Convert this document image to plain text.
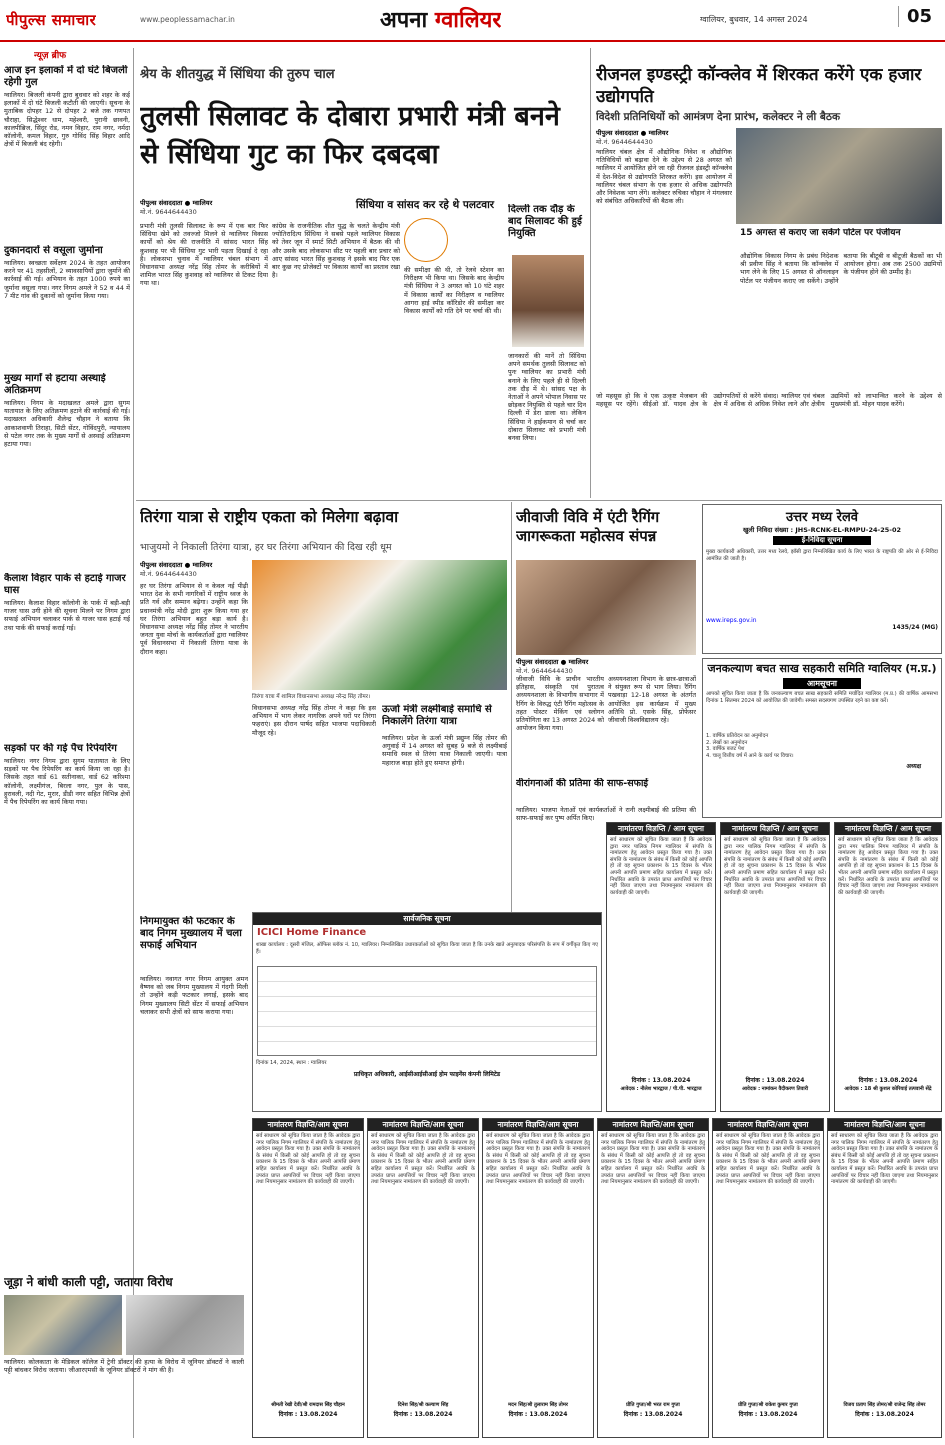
पीपुल्स समाचार	www.peoplessamachar.in	अपना ग्वालियर	ग्वालियर, बुधवार, 14 अगस्त 2024	05
न्यूज़ ब्रीफ
आज इन इलाकों में दो घंटे बिजली रहेगी गुल
ग्वालियर। बिजली कंपनी द्वारा बुधवार को शहर के कई इलाकों में दो घंटे बिजली कटौती की जाएगी। सूचना के मुताबिक दोपहर 12 से दोपहर 2 बजे तक गणपत चौराहा, सिद्धेश्वर धाम, महेश्वरी, पुरानी छावनी, कालपीब्रिज, सिंदूर रोड, नमन विहार, राम नगर, नर्मदा कॉलोनी, कमल विहार, गुरु गोविंद सिंह विहार आदि क्षेत्रों में बिजली बंद रहेगी।
दुकानदारों से वसूला जुर्माना
ग्वालियर। स्वच्छता सर्वेक्षण 2024 के तहत आयोजन करने पर 41 तहसीलों, 2 व्यावसायियों द्वारा जुर्माने की कार्रवाई की गई। अभियान के तहत 1000 रुपये का जुर्माना वसूला गया। नगर निगम अमले ने 52 व 44 में 7 मीट गांव की दुकानों को जुर्माना किया गया।
मुख्य मार्गों से हटाया अस्थाई अतिक्रमण
ग्वालियर। निगम के मदाखलत अमले द्वारा सुगम यातायात के लिए अतिक्रमण हटाने की कार्रवाई की गई। मदाखलत अधिकारी शैलेन्द्र चौहान ने बताया कि आकाशवाणी तिराहा, सिटी सेंटर, गोविंदपुरी, न्यायालय से पटेल नगर तक के मुख्य मार्गों से अस्थाई अतिक्रमण हटाया गया।
कैलाश विहार पार्क से हटाई गाजर घास
ग्वालियर। कैलाश विहार कॉलोनी के पार्क में बड़ी-बड़ी गाजर घास उगी होने की सूचना मिलने पर निगम द्वारा सफाई अभियान चलाकर पार्क से गाजर घास हटाई गई तथा पार्क की सफाई कराई गई।
सड़कों पर की गई पैच रिपेयरिंग
ग्वालियर। नगर निगम द्वारा सुगम यातायात के लिए सड़कों पर पैच रिपेयरिंग का कार्य किया जा रहा है। जिसके तहत वार्ड 61 सतीनाका, वार्ड 62 करिश्मा कॉलोनी, लक्ष्मीगंज, बिरला नगर, पुल के पास, हुरावली, नदी गेट, मुरार, डीडी नगर सहित विभिन्न क्षेत्रों में पैच रिपेयरिंग का कार्य किया गया।
जूड़ा ने बांधी काली पट्टी, जताया विरोध
ग्वालियर। कोलकाता के मेडिकल कॉलेज में ट्रेनी डॉक्टर की हत्या के विरोध में जूनियर डॉक्टरों ने काली पट्टी बांधकर विरोध जताया। जीआरएमसी के जूनियर डॉक्टरों ने मांग की है।
श्रेय के शीतयुद्ध में सिंधिया की तुरुप चाल
तुलसी सिलावट के दोबारा प्रभारी मंत्री बनने से सिंधिया गुट का फिर दबदबा
पीपुल्स संवाददाता ● ग्वालियर
मो.नं. 9644644430
सिंधिया व सांसद कर रहे थे पलटवार
प्रभारी मंत्री तुलसी सिलावट के रूप में एक बार फिर सिंधिया खेमे को तवज्जो मिलने से ग्वालियर विकास कार्यों को श्रेय की राजनीति में सांसद भारत सिंह कुशवाह पर भी सिंधिया गुट भारी पड़ता दिखाई दे रहा है। लोकसभा चुनाव में ग्वालियर चंबल संभाग में विधानसभा अध्यक्ष नरेंद्र सिंह तोमर के करीबियों में शामिल भारत सिंह कुशवाह को ग्वालियर से टिकट दिया गया था।
कांग्रेस के राजनीतिक शीत युद्ध के चलते केन्द्रीय मंत्री ज्योतिरादित्य सिंधिया ने सबसे पहले ग्वालियर विकास को तेवर जून में स्मार्ट सिटी अभियान में बैठक की थी और उसके बाद लोकसभा सीट पर पहली बार प्रचार को आए सांसद भारत सिंह कुशवाह ने इसके बाद फिर एक बार कुछ नए प्रोजेक्टों पर विकास कार्यों का प्रस्ताव रखा है।
की समीक्षा की थी, तो रेलवे स्टेशन का निरीक्षण भी किया था। जिसके बाद केन्द्रीय मंत्री सिंधिया ने 3 अगस्त को 10 घंटे शहर में विकास कार्यों का निरीक्षण व ग्वालियर आगरा हाई स्पीड कॉरिडोर की समीक्षा कर विकास कार्यों को गति देने पर चर्चा की थी।
दिल्ली तक दौड़ के बाद सिलावट की हुई नियुक्ति
जानकारों की मानें तो सिंधिया अपने समर्थक तुलसी सिलावट को पुनः ग्वालियर का प्रभारी मंत्री बनाने के लिए पहले ही से दिल्ली तक दौड़ में थे। सांसद पक्ष के नेताओं ने अपने भोपाल निवास पर छोड़कर नियुक्ति से पहले चार दिन दिल्ली में डेरा डाला था। लेकिन सिंधिया ने हाईकमान से चर्चा कर दोबारा सिलावट को प्रभारी मंत्री बनवा लिया।
रीजनल इण्डस्ट्री कॉन्क्लेव में शिरकत करेंगे एक हजार उद्योगपति
विदेशी प्रतिनिधियों को आमंत्रण देना प्रारंभ, कलेक्टर ने ली बैठक
पीपुल्स संवाददाता ● ग्वालियर
मो.नं. 9644644430
ग्वालियर चंबल क्षेत्र में औद्योगिक निवेश व औद्योगिक गतिविधियों को बढ़ावा देने के उद्देश्य से 28 अगस्त को ग्वालियर में आयोजित होने जा रही रीजनल इंडस्ट्री कॉन्क्लेव में देश-विदेश से उद्योगपति शिरकत करेंगे। इस आयोजन में ग्वालियर चंबल संभाग के एक हजार से अधिक उद्योगपति और निवेशक भाग लेंगे। कलेक्टर रुचिका चौहान ने मंगलवार को संबंधित अधिकारियों की बैठक ली।
15 अगस्त से कराए जा सकेंगे पोर्टल पर पंजीयन
औद्योगिक विकास निगम के प्रबंध निदेशक श्री प्रवीण सिंह ने बताया कि कॉन्क्लेव में भाग लेने के लिए 15 अगस्त से ऑनलाइन पोर्टल पर पंजीयन कराए जा सकेंगे। उन्होंने बताया कि बीटूबी व बीटूजी बैठकों का भी आयोजन होगा। अब तक 2500 उद्यमियों के पंजीयन होने की उम्मीद है।
जो महसूस हो कि वे एक उत्कृष्ट मेजबान की महसूस पर रहेंगे। सीईओ डॉ. यादव क्षेत्र के उद्योगपतियों से करेंगे संवाद। ग्वालियर एवं चंबल क्षेत्र में अधिक से अधिक निवेश लाने और क्षेत्रीय उद्यमियों को लाभान्वित करने के उद्देश्य से मुख्यमंत्री डॉ. मोहन यादव करेंगे।
तिरंगा यात्रा से राष्ट्रीय एकता को मिलेगा बढ़ावा
भाजुयमो ने निकाली तिरंगा यात्रा, हर घर तिरंगा अभियान की दिख रही धूम
पीपुल्स संवाददाता ● ग्वालियर
मो.नं. 9644644430
हर घर तिरंगा अभियान से न केवल नई पीढ़ी भारत देश के सभी नागरिकों में राष्ट्रीय ध्वज के प्रति गर्व और सम्मान बढ़ेगा। उन्होंने कहा कि प्रधानमंत्री नरेंद्र मोदी द्वारा शुरू किया गया हर घर तिरंगा अभियान बहुत बड़ा कार्य है। विधानसभा अध्यक्ष नरेंद्र सिंह तोमर ने भारतीय जनता युवा मोर्चा के कार्यकर्ताओं द्वारा ग्वालियर पूर्व विधानसभा में निकाली तिरंगा यात्रा के दौरान कहा।
तिरंगा यात्रा में शामिल विधानसभा अध्यक्ष नरेन्द्र सिंह तोमर।
विधानसभा अध्यक्ष नरेंद्र सिंह तोमर ने कहा कि इस अभियान में भाग लेकर नागरिक अपने घरों पर तिरंगा फहराएं। इस दौरान पार्षद सहित भाजपा पदाधिकारी मौजूद रहे।
ऊर्जा मंत्री लक्ष्मीबाई समाधि से निकालेंगे तिरंगा यात्रा
ग्वालियर। प्रदेश के ऊर्जा मंत्री प्रद्युम्न सिंह तोमर की अगुवाई में 14 अगस्त को सुबह 9 बजे से लक्ष्मीबाई समाधि स्थल से तिरंगा यात्रा निकाली जाएगी। यात्रा महाराज बाड़ा होते हुए समाप्त होगी।
निगमायुक्त की फटकार के बाद निगम मुख्यालय में चला सफाई अभियान
ग्वालियर। नवागत नगर निगम आयुक्त अमन वैष्णव को जब निगम मुख्यालय में गंदगी मिली तो उन्होंने कड़ी फटकार लगाई, इसके बाद निगम मुख्यालय सिटी सेंटर में सफाई अभियान चलाकर सभी क्षेत्रों को साफ कराया गया।
जीवाजी विवि में एंटी रैगिंग जागरूकता महोत्सव संपन्न
पीपुल्स संवाददाता ● ग्वालियर
मो.नं. 9644644430
जीवाजी विवि के प्राचीन भारतीय इतिहास, संस्कृति एवं पुरातत्व अध्ययनशाला के विभागीय सभागार में रैगिंग के विरुद्ध एंटी रैगिंग महोत्सव के तहत पोस्टर मेकिंग एवं स्लोगन प्रतियोगिता का 13 अगस्त 2024 को आयोजन किया गया।
अध्ययनशाला विभाग के छात्र-छात्राओं ने संयुक्त रूप से भाग लिया। रैगिंग पखवाड़ा 12-18 अगस्त के अंतर्गत आयोजित इस कार्यक्रम में मुख्य अतिथि प्रो. एसके सिंह, प्रोफेसर जीवाजी विश्वविद्यालय रहे।
वीरांगनाओं की प्रतिमा की साफ-सफाई
ग्वालियर। भाजपा नेताओं एवं कार्यकर्ताओं ने रानी लक्ष्मीबाई की प्रतिमा की साफ-सफाई कर पुष्प अर्पित किए।
उत्तर मध्य रेलवे
खुली निविदा संख्या : JHS-RCNK-EL-RMPU-24-25-02
ई-निविदा सूचना
मुख्य कार्यकारी अधिकारी, उत्तर मध्य रेलवे, झाँसी द्वारा निम्नलिखित कार्य के लिए भारत के राष्ट्रपति की ओर से ई-निविदा आमंत्रित की जाती है।
www.ireps.gov.in
1435/24 (MG)
जनकल्याण बचत साख सहकारी समिति ग्वालियर (म.प्र.)
आमसूचना
आपको सूचित किया जाता है कि जनकल्याण बचत साख सहकारी समिति मर्यादित ग्वालियर (म.प्र.) की वार्षिक आमसभा दिनांक 1 सितम्बर 2024 को आयोजित की जावेगी। समस्त सदस्यगण उपस्थित रहने का कष्ट करें।
1. वार्षिक प्रतिवेदन का अनुमोदन
2. लेखों का अनुमोदन
3. वार्षिक बजट पेश
4. चालू वित्तीय वर्ष में आने के कार्य पर विचार।
अध्यक्ष
सार्वजनिक सूचना
ICICI Home Finance
शाखा कार्यालय : दूसरी मंजिल, ऑफिस ब्लॉक नं. 10, ग्वालियर। निम्नलिखित उधारकर्ताओं को सूचित किया जाता है कि उनके खाते अनुत्पादक परिसंपत्ति के रूप में वर्गीकृत किए गए हैं।
दिनांक 14, 2024, स्थान : ग्वालियर
प्राधिकृत अधिकारी, आईसीआईसीआई होम फाइनेंस कंपनी लिमिटेड
नामांतरण विज्ञप्ति / आम सूचना
सर्व साधारण को सूचित किया जाता है कि आवेदक द्वारा नगर पालिक निगम ग्वालियर में संपत्ति के नामांतरण हेतु आवेदन प्रस्तुत किया गया है। उक्त संपत्ति के नामांतरण के संबंध में किसी को कोई आपत्ति हो तो वह सूचना प्रकाशन के 15 दिवस के भीतर अपनी आपत्ति प्रमाण सहित कार्यालय में प्रस्तुत करें। निर्धारित अवधि के उपरांत प्राप्त आपत्तियों पर विचार नहीं किया जाएगा तथा नियमानुसार नामांतरण की कार्यवाही की जाएगी।
दिनांक : 13.08.2024
आवेदक : नीलेश भारद्वाज / पी.पी. भारद्वाज
नामांतरण विज्ञप्ति / आम सूचना
सर्व साधारण को सूचित किया जाता है कि आवेदक द्वारा नगर पालिक निगम ग्वालियर में संपत्ति के नामांतरण हेतु आवेदन प्रस्तुत किया गया है। उक्त संपत्ति के नामांतरण के संबंध में किसी को कोई आपत्ति हो तो वह सूचना प्रकाशन के 15 दिवस के भीतर अपनी आपत्ति प्रमाण सहित कार्यालय में प्रस्तुत करें। निर्धारित अवधि के उपरांत प्राप्त आपत्तियों पर विचार नहीं किया जाएगा तथा नियमानुसार नामांतरण की कार्यवाही की जाएगी।
दिनांक : 13.08.2024
आवेदक : नामांकन वैदीकरण तिवारी
नामांतरण विज्ञप्ति / आम सूचना
सर्व साधारण को सूचित किया जाता है कि आवेदक द्वारा नगर पालिक निगम ग्वालियर में संपत्ति के नामांतरण हेतु आवेदन प्रस्तुत किया गया है। उक्त संपत्ति के नामांतरण के संबंध में किसी को कोई आपत्ति हो तो वह सूचना प्रकाशन के 15 दिवस के भीतर अपनी आपत्ति प्रमाण सहित कार्यालय में प्रस्तुत करें। निर्धारित अवधि के उपरांत प्राप्त आपत्तियों पर विचार नहीं किया जाएगा तथा नियमानुसार नामांतरण की कार्यवाही की जाएगी।
दिनांक : 13.08.2024
आवेदक : 18 श्री कुशल कोरियाई तत्पवानी सेंद्रे
नामांतरण विज्ञप्ति/आम सूचना
सर्व साधारण को सूचित किया जाता है कि आवेदक द्वारा नगर पालिक निगम ग्वालियर में संपत्ति के नामांतरण हेतु आवेदन प्रस्तुत किया गया है। उक्त संपत्ति के नामांतरण के संबंध में किसी को कोई आपत्ति हो तो वह सूचना प्रकाशन के 15 दिवस के भीतर अपनी आपत्ति प्रमाण सहित कार्यालय में प्रस्तुत करें। निर्धारित अवधि के उपरांत प्राप्त आपत्तियों पर विचार नहीं किया जाएगा तथा नियमानुसार नामांतरण की कार्यवाही की जाएगी।
श्रीमती रेखी देवी/श्री रामदास सिंह चौहान
दिनांक : 13.08.2024
नामांतरण विज्ञप्ति/आम सूचना
सर्व साधारण को सूचित किया जाता है कि आवेदक द्वारा नगर पालिक निगम ग्वालियर में संपत्ति के नामांतरण हेतु आवेदन प्रस्तुत किया गया है। उक्त संपत्ति के नामांतरण के संबंध में किसी को कोई आपत्ति हो तो वह सूचना प्रकाशन के 15 दिवस के भीतर अपनी आपत्ति प्रमाण सहित कार्यालय में प्रस्तुत करें। निर्धारित अवधि के उपरांत प्राप्त आपत्तियों पर विचार नहीं किया जाएगा तथा नियमानुसार नामांतरण की कार्यवाही की जाएगी।
दिनेश सिंह/श्री कल्याण सिंह
दिनांक : 13.08.2024
नामांतरण विज्ञप्ति/आम सूचना
सर्व साधारण को सूचित किया जाता है कि आवेदक द्वारा नगर पालिक निगम ग्वालियर में संपत्ति के नामांतरण हेतु आवेदन प्रस्तुत किया गया है। उक्त संपत्ति के नामांतरण के संबंध में किसी को कोई आपत्ति हो तो वह सूचना प्रकाशन के 15 दिवस के भीतर अपनी आपत्ति प्रमाण सहित कार्यालय में प्रस्तुत करें। निर्धारित अवधि के उपरांत प्राप्त आपत्तियों पर विचार नहीं किया जाएगा तथा नियमानुसार नामांतरण की कार्यवाही की जाएगी।
मदन सिंह/श्री तुलाराम सिंह तोमर
दिनांक : 13.08.2024
नामांतरण विज्ञप्ति/आम सूचना
सर्व साधारण को सूचित किया जाता है कि आवेदक द्वारा नगर पालिक निगम ग्वालियर में संपत्ति के नामांतरण हेतु आवेदन प्रस्तुत किया गया है। उक्त संपत्ति के नामांतरण के संबंध में किसी को कोई आपत्ति हो तो वह सूचना प्रकाशन के 15 दिवस के भीतर अपनी आपत्ति प्रमाण सहित कार्यालय में प्रस्तुत करें। निर्धारित अवधि के उपरांत प्राप्त आपत्तियों पर विचार नहीं किया जाएगा तथा नियमानुसार नामांतरण की कार्यवाही की जाएगी।
प्रीति गुप्ता/श्री भरत राम गुप्ता
दिनांक : 13.08.2024
नामांतरण विज्ञप्ति/आम सूचना
सर्व साधारण को सूचित किया जाता है कि आवेदक द्वारा नगर पालिक निगम ग्वालियर में संपत्ति के नामांतरण हेतु आवेदन प्रस्तुत किया गया है। उक्त संपत्ति के नामांतरण के संबंध में किसी को कोई आपत्ति हो तो वह सूचना प्रकाशन के 15 दिवस के भीतर अपनी आपत्ति प्रमाण सहित कार्यालय में प्रस्तुत करें। निर्धारित अवधि के उपरांत प्राप्त आपत्तियों पर विचार नहीं किया जाएगा तथा नियमानुसार नामांतरण की कार्यवाही की जाएगी।
प्रीति गुप्ता/श्री राकेश कुमार गुप्ता
दिनांक : 13.08.2024
नामांतरण विज्ञप्ति/आम सूचना
सर्व साधारण को सूचित किया जाता है कि आवेदक द्वारा नगर पालिक निगम ग्वालियर में संपत्ति के नामांतरण हेतु आवेदन प्रस्तुत किया गया है। उक्त संपत्ति के नामांतरण के संबंध में किसी को कोई आपत्ति हो तो वह सूचना प्रकाशन के 15 दिवस के भीतर अपनी आपत्ति प्रमाण सहित कार्यालय में प्रस्तुत करें। निर्धारित अवधि के उपरांत प्राप्त आपत्तियों पर विचार नहीं किया जाएगा तथा नियमानुसार नामांतरण की कार्यवाही की जाएगी।
विजय प्रताप सिंह तोमर/श्री राजेन्द्र सिंह तोमर
दिनांक : 13.08.2024
